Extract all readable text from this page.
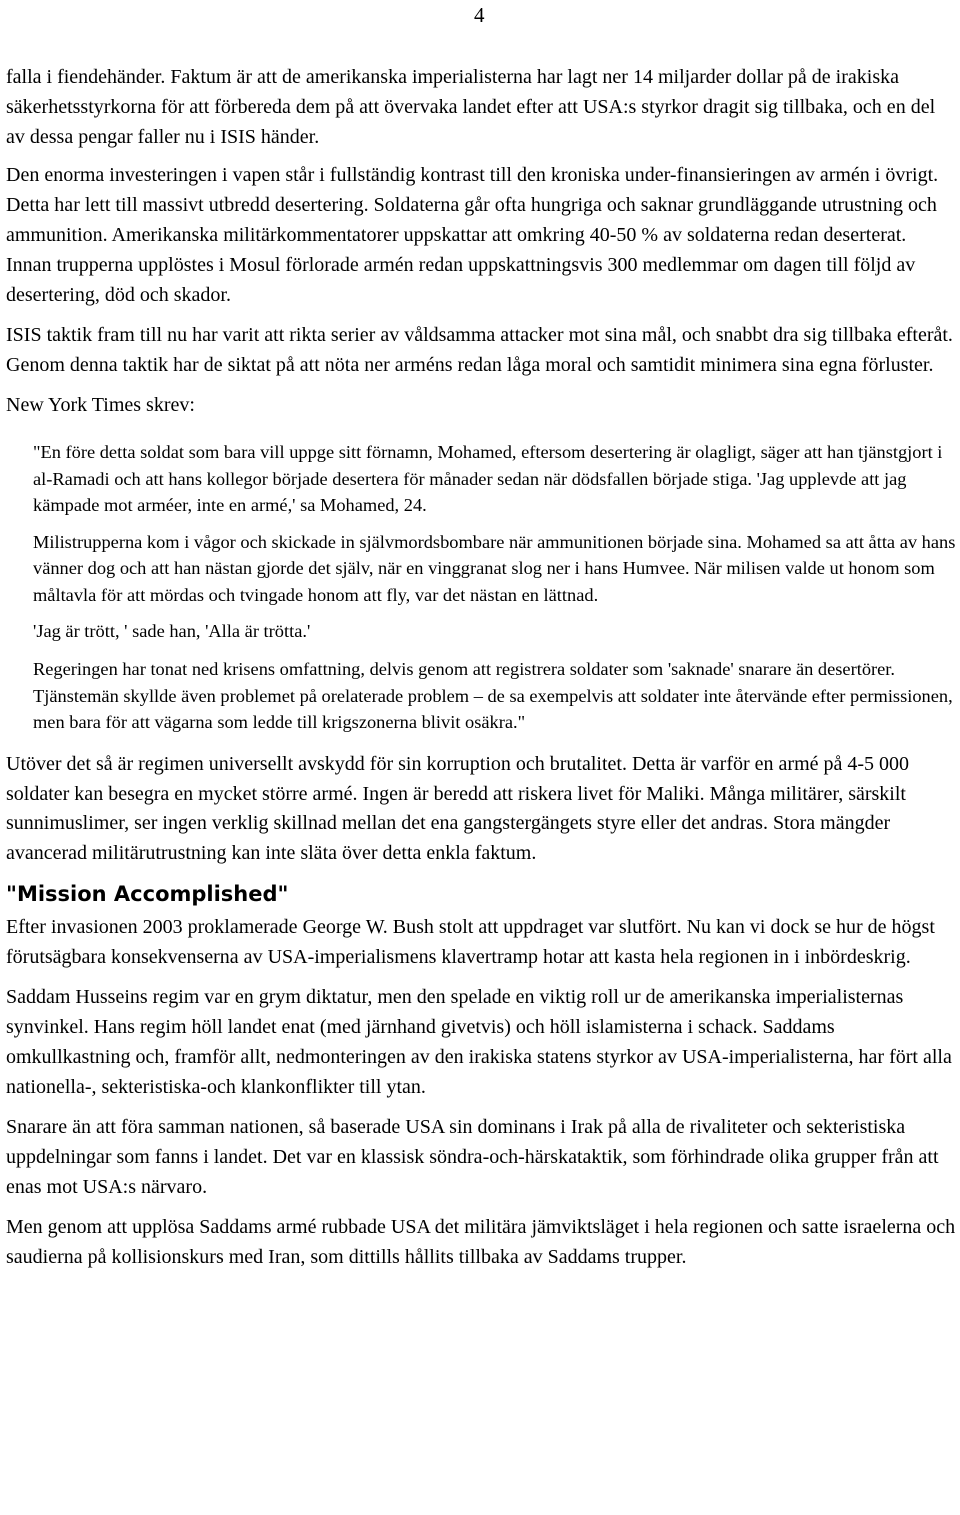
4

falla i fiendehänder. Faktum är att de amerikanska imperialisterna har lagt ner 14 miljarder dollar på de irakiska säkerhetsstyrkorna för att förbereda dem på att övervaka landet efter att USA:s styrkor dragit sig tillbaka, och en del av dessa pengar faller nu i ISIS händer.

Den enorma investeringen i vapen står i fullständig kontrast till den kroniska under-finansieringen av armén i övrigt. Detta har lett till massivt utbredd desertering. Soldaterna går ofta hungriga och saknar grundläggande utrustning och ammunition. Amerikanska militärkommentatorer uppskattar att omkring 40-50 % av soldaterna redan deserterat. Innan trupperna upplöstes i Mosul förlorade armén redan uppskattningsvis 300 medlemmar om dagen till följd av desertering, död och skador.

ISIS taktik fram till nu har varit att rikta serier av våldsamma attacker mot sina mål, och snabbt dra sig tillbaka efteråt. Genom denna taktik har de siktat på att nöta ner arméns redan låga moral och samtidit minimera sina egna förluster.

New York Times skrev:

"En före detta soldat som bara vill uppge sitt förnamn, Mohamed, eftersom desertering är olagligt, säger att han tjänstgjort i al-Ramadi och att hans kollegor började desertera för månader sedan när dödsfallen började stiga. 'Jag upplevde att jag kämpade mot arméer, inte en armé,' sa Mohamed, 24.

Milistrupperna kom i vågor och skickade in självmordsbombare när ammunitionen började sina. Mohamed sa att åtta av hans vänner dog och att han nästan gjorde det själv, när en vinggranat slog ner i hans Humvee. När milisen valde ut honom som måltavla för att mördas och tvingade honom att fly, var det nästan en lättnad.

'Jag är trött, ' sade han, 'Alla är trötta.'

Regeringen har tonat ned krisens omfattning, delvis genom att registrera soldater som 'saknade' snarare än desertörer. Tjänstemän skyllde även problemet på orelaterade problem – de sa exempelvis att soldater inte återvände efter permissionen, men bara för att vägarna som ledde till krigszonerna blivit osäkra."

Utöver det så är regimen universellt avskydd för sin korruption och brutalitet. Detta är varför en armé på 4-5 000 soldater kan besegra en mycket större armé. Ingen är beredd att riskera livet för Maliki. Många militärer, särskilt sunnimuslimer, ser ingen verklig skillnad mellan det ena gangstergängets styre eller det andras. Stora mängder avancerad militärutrustning kan inte släta över detta enkla faktum.

"Mission Accomplished"

Efter invasionen 2003 proklamerade George W. Bush stolt att uppdraget var slutfört. Nu kan vi dock se hur de högst förutsägbara konsekvenserna av USA-imperialismens klavertramp hotar att kasta hela regionen in i inbördeskrig.

Saddam Husseins regim var en grym diktatur, men den spelade en viktig roll ur de amerikanska imperialisternas synvinkel. Hans regim höll landet enat (med järnhand givetvis) och höll islamisterna i schack. Saddams omkullkastning och, framför allt, nedmonteringen av den irakiska statens styrkor av USA-imperialisterna, har fört alla nationella-, sekteristiska-och klankonflikter till ytan.

Snarare än att föra samman nationen, så baserade USA sin dominans i Irak på alla de rivaliteter och sekteristiska uppdelningar som fanns i landet. Det var en klassisk söndra-och-härskataktik, som förhindrade olika grupper från att enas mot USA:s närvaro.

Men genom att upplösa Saddams armé rubbade USA det militära jämviktsläget i hela regionen och satte israelerna och saudierna på kollisionskurs med Iran, som dittills hållits tillbaka av Saddams trupper.
